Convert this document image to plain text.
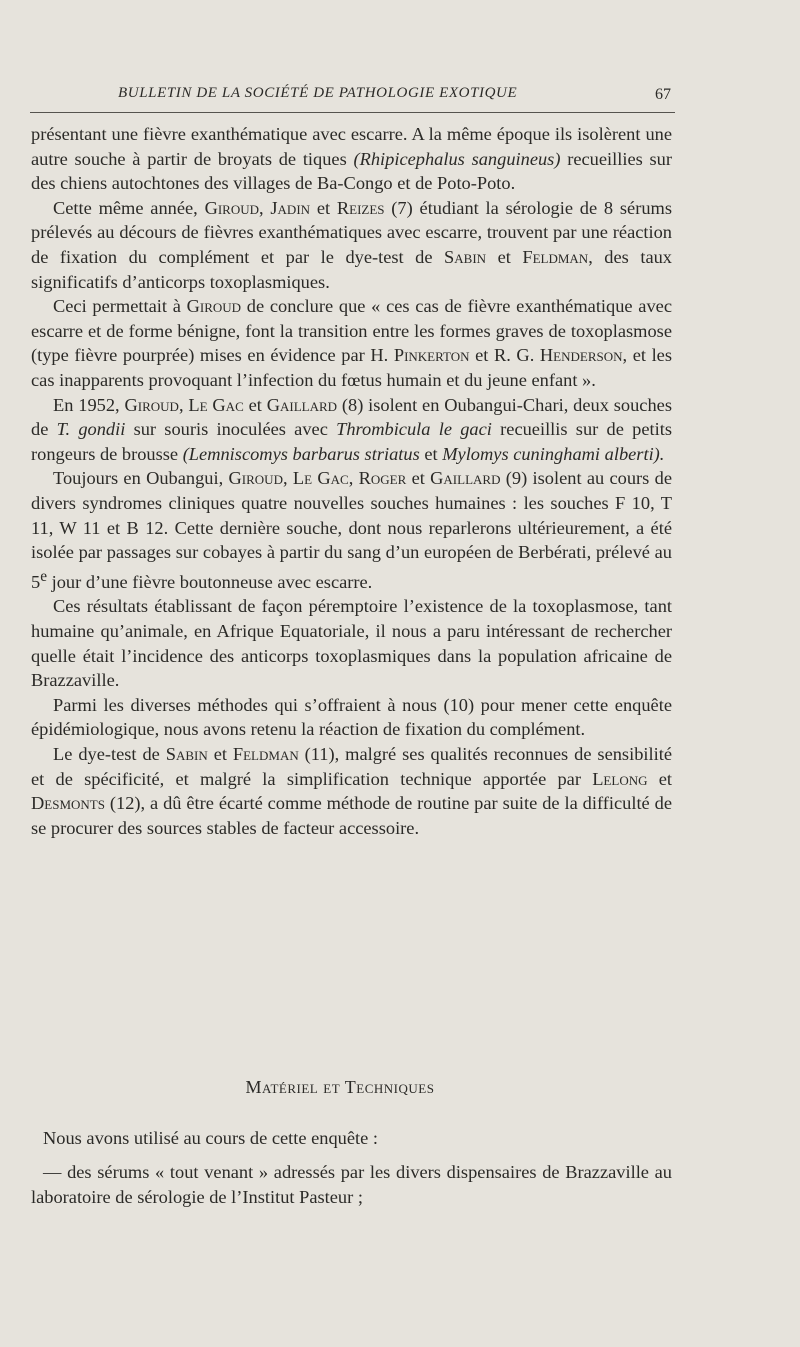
BULLETIN DE LA SOCIÉTÉ DE PATHOLOGIE EXOTIQUE	67

présentant une fièvre exanthématique avec escarre. A la même époque ils isolèrent une autre souche à partir de broyats de tiques (Rhipicephalus sanguineus) recueillies sur des chiens autochtones des villages de Ba-Congo et de Poto-Poto.

Cette même année, Giroud, Jadin et Reizes (7) étudiant la sérologie de 8 sérums prélevés au décours de fièvres exanthématiques avec escarre, trouvent par une réaction de fixation du complément et par le dye-test de Sabin et Feldman, des taux significatifs d’anticorps toxoplasmiques.

Ceci permettait à Giroud de conclure que « ces cas de fièvre exanthématique avec escarre et de forme bénigne, font la transition entre les formes graves de toxoplasmose (type fièvre pourprée) mises en évidence par H. Pinkerton et R. G. Henderson, et les cas inapparents provoquant l’infection du fœtus humain et du jeune enfant ».

En 1952, Giroud, Le Gac et Gaillard (8) isolent en Oubangui-Chari, deux souches de T. gondii sur souris inoculées avec Thrombicula le gaci recueillis sur de petits rongeurs de brousse (Lemniscomys barbarus striatus et Mylomys cuninghami alberti).

Toujours en Oubangui, Giroud, Le Gac, Roger et Gaillard (9) isolent au cours de divers syndromes cliniques quatre nouvelles souches humaines : les souches F 10, T 11, W 11 et B 12. Cette dernière souche, dont nous reparlerons ultérieurement, a été isolée par passages sur cobayes à partir du sang d’un européen de Berbérati, prélevé au 5e jour d’une fièvre boutonneuse avec escarre.

Ces résultats établissant de façon péremptoire l’existence de la toxoplasmose, tant humaine qu’animale, en Afrique Equatoriale, il nous a paru intéressant de rechercher quelle était l’incidence des anticorps toxoplasmiques dans la population africaine de Brazzaville.

Parmi les diverses méthodes qui s’offraient à nous (10) pour mener cette enquête épidémiologique, nous avons retenu la réaction de fixation du complément.

Le dye-test de Sabin et Feldman (11), malgré ses qualités reconnues de sensibilité et de spécificité, et malgré la simplification technique apportée par Lelong et Desmonts (12), a dû être écarté comme méthode de routine par suite de la difficulté de se procurer des sources stables de facteur accessoire.

Matériel et Techniques

Nous avons utilisé au cours de cette enquête :

— des sérums « tout venant » adressés par les divers dispensaires de Brazzaville au laboratoire de sérologie de l’Institut Pasteur ;
